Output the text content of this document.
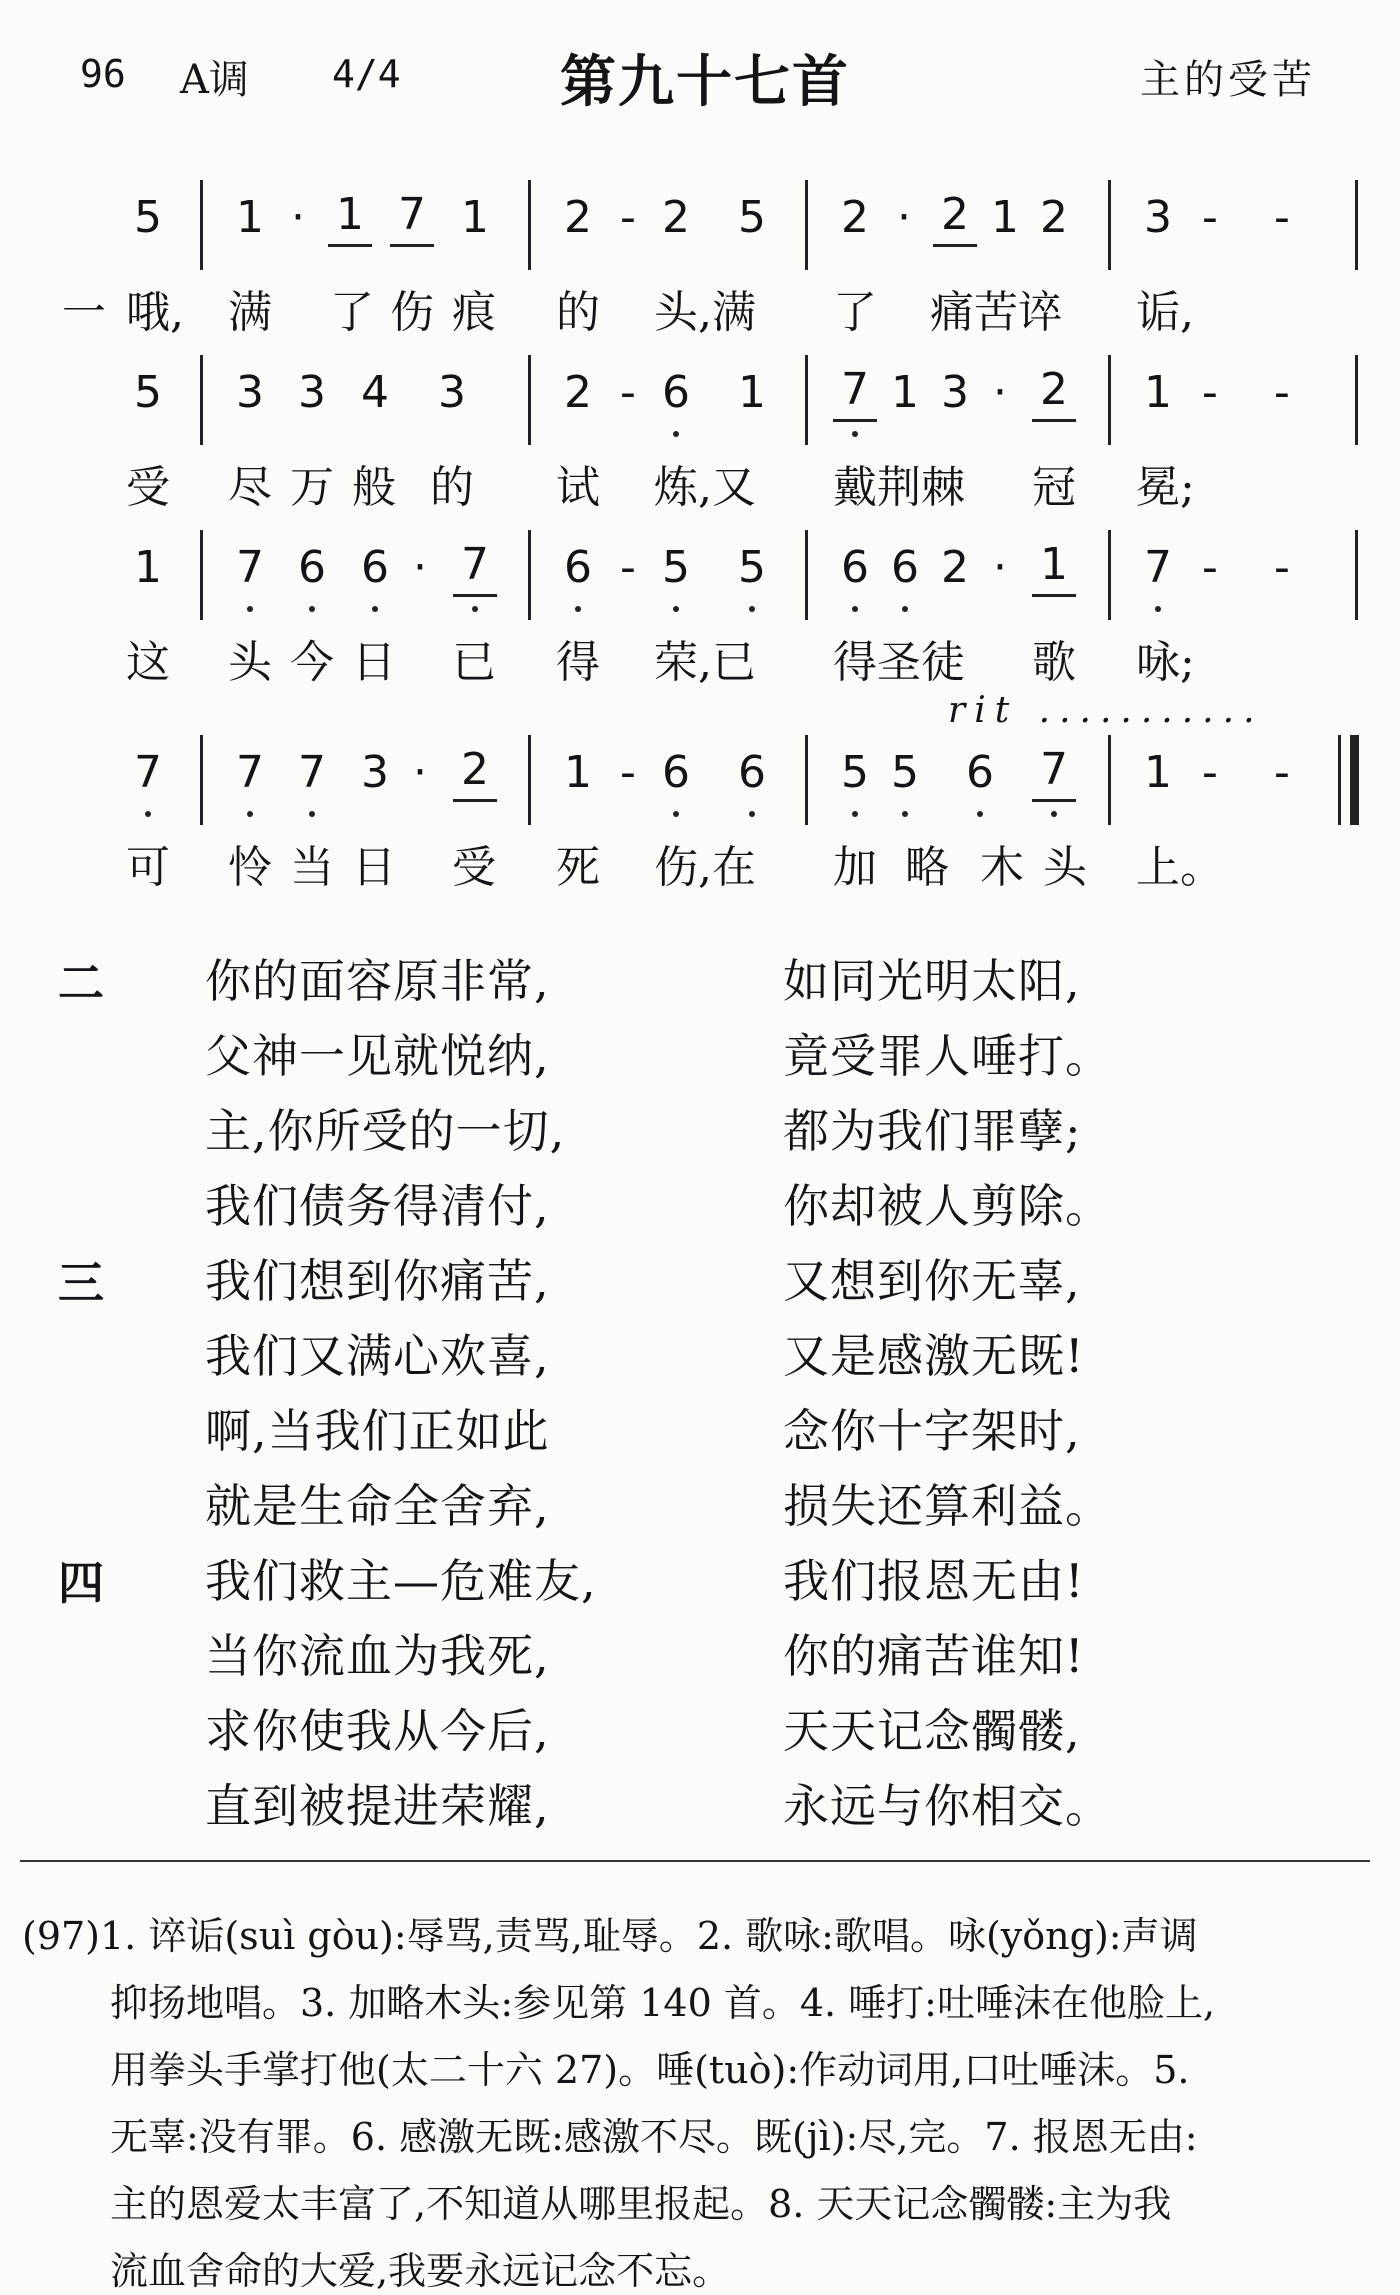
96 A调 4/4	第九十七首	主的受苦
5 1 · 1 7 1 2 - 2 5 2 · 2 1 2 3 -	-
一 哦, 满 了 伤 痕 的 头,满 了 痛苦谇 诟,
5 3 3 4 3 2 - 6 1 7 1 3 · 2 1 -	-
受 尽 万 般 的 试 炼,又 戴荆棘 冠 冕;
1 7 6 6 · 7 6 - 5 5 6 6 2 · 1 7 -	-
这 头 今 日 已 得 荣,已 得圣徒 歌 咏;
7 7 7 3 · 2 1 - 6 6 5 5 6 7 1 -	-
可 怜 当 日 受 死 伤,在 加 略 木 头 上。
rit ...........
二 你的面容原非常,	如同光明太阳,
父神一见就悦纳,	竟受罪人唾打。
主,你所受的一切,	都为我们罪孽;
我们债务得清付,	你却被人剪除。
三 我们想到你痛苦,	又想到你无辜,
我们又满心欢喜,	又是感激无既!
啊,当我们正如此	念你十字架时,
就是生命全舍弃,	损失还算利益。
四 我们救主—危难友,	我们报恩无由!
当你流血为我死,	你的痛苦谁知!
求你使我从今后,	天天记念髑髅,
直到被提进荣耀,	永远与你相交。
(97)1. 谇诟(suì gòu):辱骂,责骂,耻辱。2. 歌咏:歌唱。咏(yǒng):声调
抑扬地唱。3. 加略木头:参见第 140 首。4. 唾打:吐唾沫在他脸上,
用拳头手掌打他(太二十六 27)。唾(tuò):作动词用,口吐唾沫。5.
无辜:没有罪。6. 感激无既:感激不尽。既(jì):尽,完。7. 报恩无由:
主的恩爱太丰富了,不知道从哪里报起。8. 天天记念髑髅:主为我
流血舍命的大爱,我要永远记念不忘。
